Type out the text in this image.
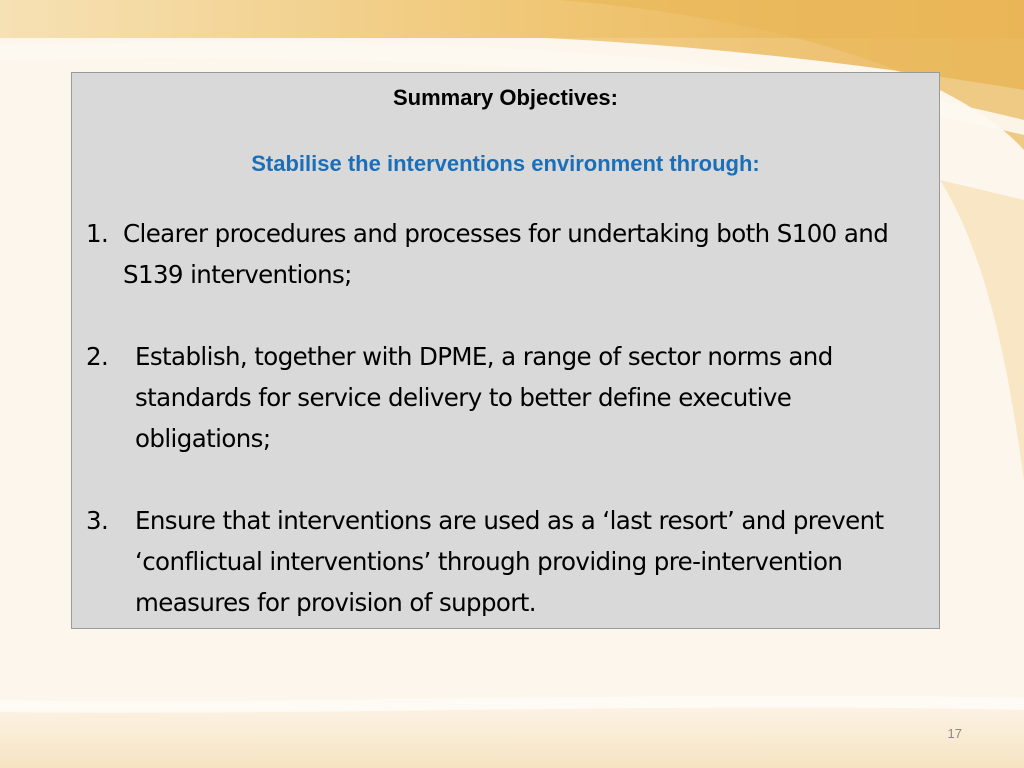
Summary Objectives:
Stabilise the interventions environment through:
1. Clearer procedures and processes for undertaking both S100 and S139 interventions;
2. Establish, together with DPME, a range of sector norms and standards for service delivery to better define executive obligations;
3. Ensure that interventions are used as a ‘last resort’ and prevent ‘conflictual interventions’ through providing pre-intervention measures for provision of support.
17
